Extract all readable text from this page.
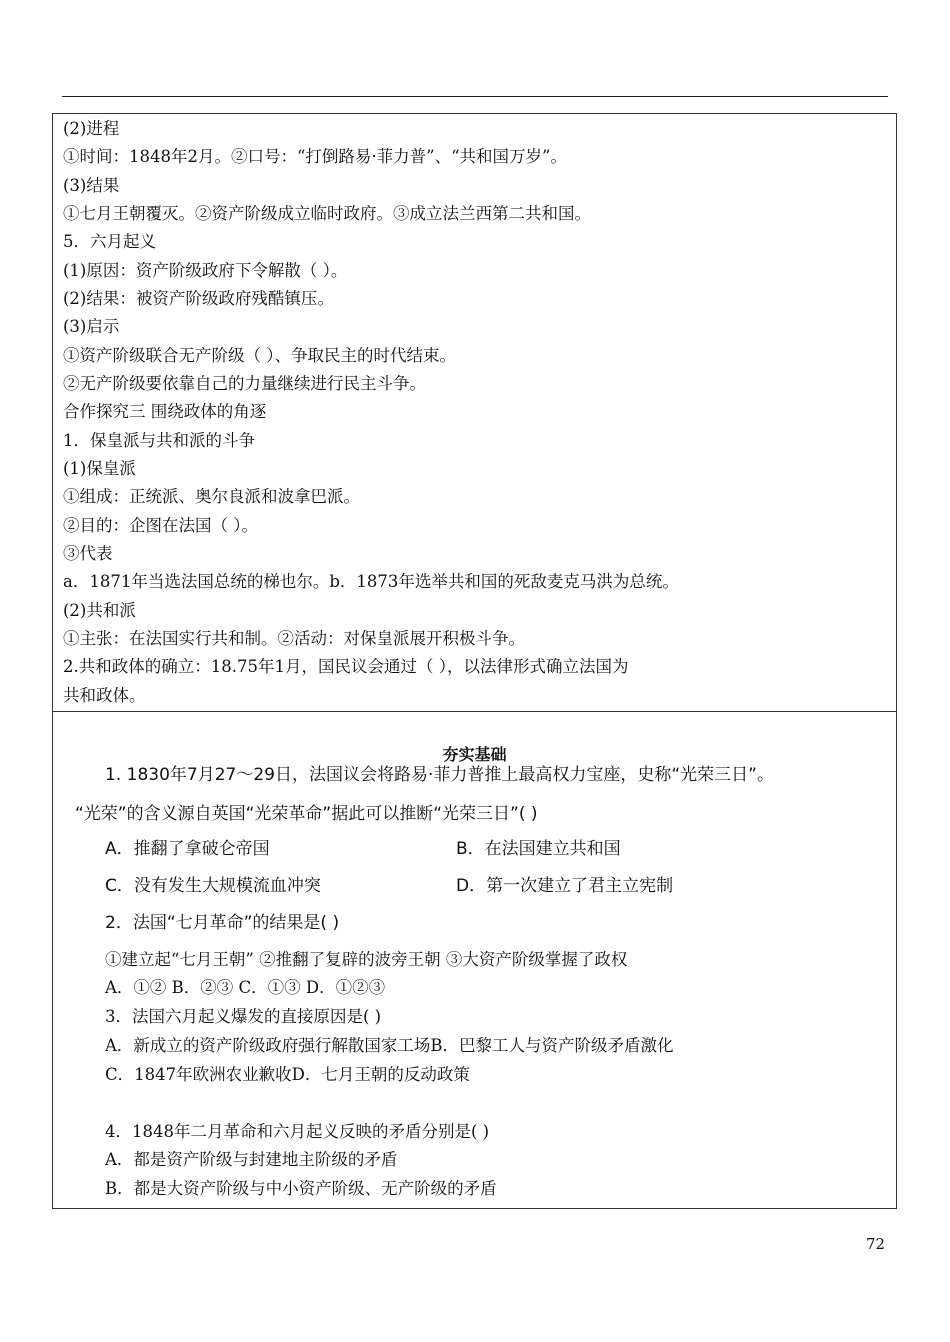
(2)进程
①时间：1848年2月。②口号：“打倒路易·菲力普”、“共和国万岁”。
(3)结果
①七月王朝覆灭。②资产阶级成立临时政府。③成立法兰西第二共和国。
5．六月起义
(1)原因：资产阶级政府下令解散（ ）。
(2)结果：被资产阶级政府残酷镇压。
(3)启示
①资产阶级联合无产阶级（ ）、争取民主的时代结束。
②无产阶级要依靠自己的力量继续进行民主斗争。
合作探究三 围绕政体的角逐
1．保皇派与共和派的斗争
(1)保皇派
①组成：正统派、奥尔良派和波拿巴派。
②目的：企图在法国（ ）。
③代表
a．1871年当选法国总统的梯也尔。b．1873年选举共和国的死敌麦克马洪为总统。
(2)共和派
①主张：在法国实行共和制。②活动：对保皇派展开积极斗争。
2.共和政体的确立：18.75年1月，国民议会通过（ ），以法律形式确立法国为
共和政体。
夯实基础
1. 1830年7月27～29日，法国议会将路易·菲力普推上最高权力宝座，史称“光荣三日”。
“光荣”的含义源自英国“光荣革命”据此可以推断“光荣三日”( )
A．推翻了拿破仑帝国	B．在法国建立共和国
C．没有发生大规模流血冲突	D．第一次建立了君主立宪制
2．法国“七月革命”的结果是( )
①建立起“七月王朝” ②推翻了复辟的波旁王朝 ③大资产阶级掌握了政权
A．①② B．②③ C．①③ D．①②③
3．法国六月起义爆发的直接原因是( )
A．新成立的资产阶级政府强行解散国家工场B．巴黎工人与资产阶级矛盾激化
C．1847年欧洲农业歉收D．七月王朝的反动政策
4．1848年二月革命和六月起义反映的矛盾分别是( )
A．都是资产阶级与封建地主阶级的矛盾
B．都是大资产阶级与中小资产阶级、无产阶级的矛盾
72
